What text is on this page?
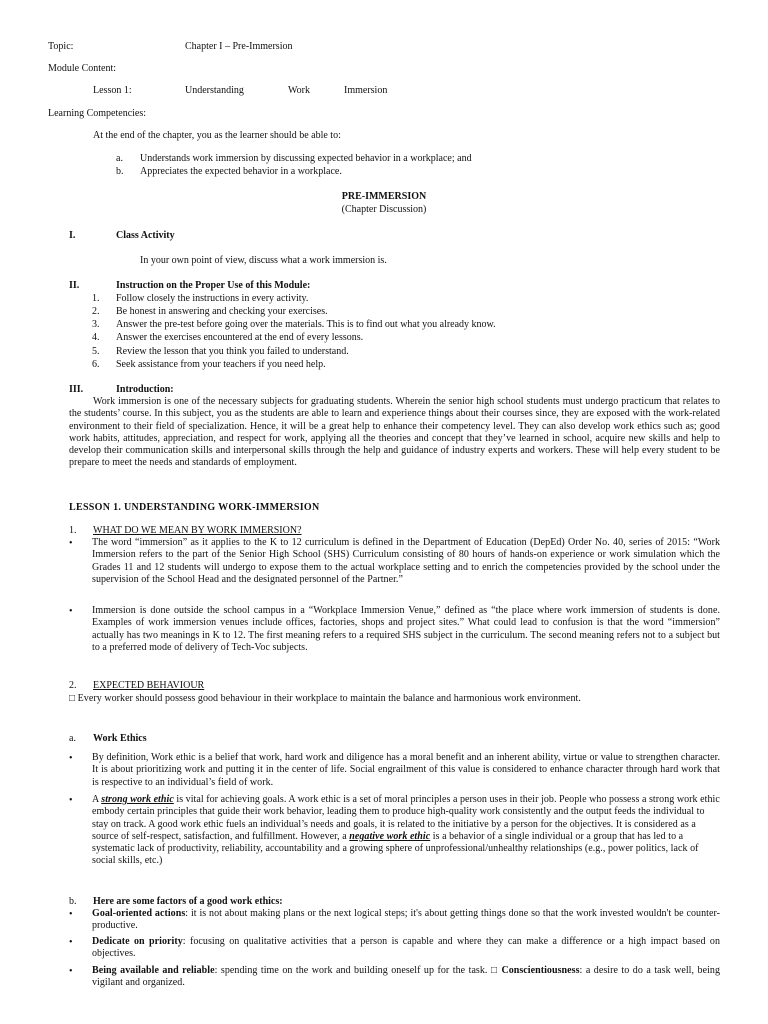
Topic:	Chapter I – Pre-Immersion
Module Content:
Lesson 1:	Understanding	Work	Immersion
Learning Competencies:
At the end of the chapter, you as the learner should be able to:
a. Understands work immersion by discussing expected behavior in a workplace; and
b. Appreciates the expected behavior in a workplace.
PRE-IMMERSION
(Chapter Discussion)
I.	Class Activity
In your own point of view, discuss what a work immersion is.
II.	Instruction on the Proper Use of this Module:
1. Follow closely the instructions in every activity.
2. Be honest in answering and checking your exercises.
3. Answer the pre-test before going over the materials. This is to find out what you already know.
4. Answer the exercises encountered at the end of every lessons.
5. Review the lesson that you think you failed to understand.
6. Seek assistance from your teachers if you need help.
III.	Introduction:
Work immersion is one of the necessary subjects for graduating students. Wherein the senior high school students must undergo practicum that relates to the students’ course. In this subject, you as the students are able to learn and experience things about their courses since, they are exposed with the work-related environment to their field of specialization. Hence, it will be a great help to enhance their competency level. They can also develop work ethics such as; good work habits, attitudes, appreciation, and respect for work, applying all the theories and concept that they’ve learned in school, acquire new skills and help to develop their communication skills and interpersonal skills through the help and guidance of industry experts and workers. These will help every student to be prepare to meet the needs and standards of employment.
LESSON 1. UNDERSTANDING WORK-IMMERSION
1. WHAT DO WE MEAN BY WORK IMMERSION?
• The word “immersion” as it applies to the K to 12 curriculum is defined in the Department of Education (DepEd) Order No. 40, series of 2015: “Work Immersion refers to the part of the Senior High School (SHS) Curriculum consisting of 80 hours of hands-on experience or work simulation which the Grades 11 and 12 students will undergo to expose them to the actual workplace setting and to enrich the competencies provided by the school under the supervision of the School Head and the designated personnel of the Partner.”
• Immersion is done outside the school campus in a “Workplace Immersion Venue,” defined as “the place where work immersion of students is done. Examples of work immersion venues include offices, factories, shops and project sites.” What could lead to confusion is that the word “immersion” actually has two meanings in K to 12. The first meaning refers to a required SHS subject in the curriculum. The second meaning refers not to a subject but to a preferred mode of delivery of Tech-Voc subjects.
2. EXPECTED BEHAVIOUR
□ Every worker should possess good behaviour in their workplace to maintain the balance and harmonious work environment.
a. Work Ethics
• By definition, Work ethic is a belief that work, hard work and diligence has a moral benefit and an inherent ability, virtue or value to strengthen character. It is about prioritizing work and putting it in the center of life. Social engrailment of this value is considered to enhance character through hard work that is respective to an individual’s field of work.
• A strong work ethic is vital for achieving goals. A work ethic is a set of moral principles a person uses in their job. People who possess a strong work ethic embody certain principles that guide their work behavior, leading them to produce high-quality work consistently and the output feeds the individual to stay on track. A good work ethic fuels an individual’s needs and goals, it is related to the initiative by a person for the objectives. It is considered as a source of self-respect, satisfaction, and fulfillment. However, a negative work ethic is a behavior of a single individual or a group that has led to a systematic lack of productivity, reliability, accountability and a growing sphere of unprofessional/unhealthy relationships (e.g., power politics, lack of social skills, etc.)
b. Here are some factors of a good work ethics:
• Goal-oriented actions: it is not about making plans or the next logical steps; it's about getting things done so that the work invested wouldn't be counter-productive.
• Dedicate on priority: focusing on qualitative activities that a person is capable and where they can make a difference or a high impact based on objectives.
• Being available and reliable: spending time on the work and building oneself up for the task. □ Conscientiousness: a desire to do a task well, being vigilant and organized.
